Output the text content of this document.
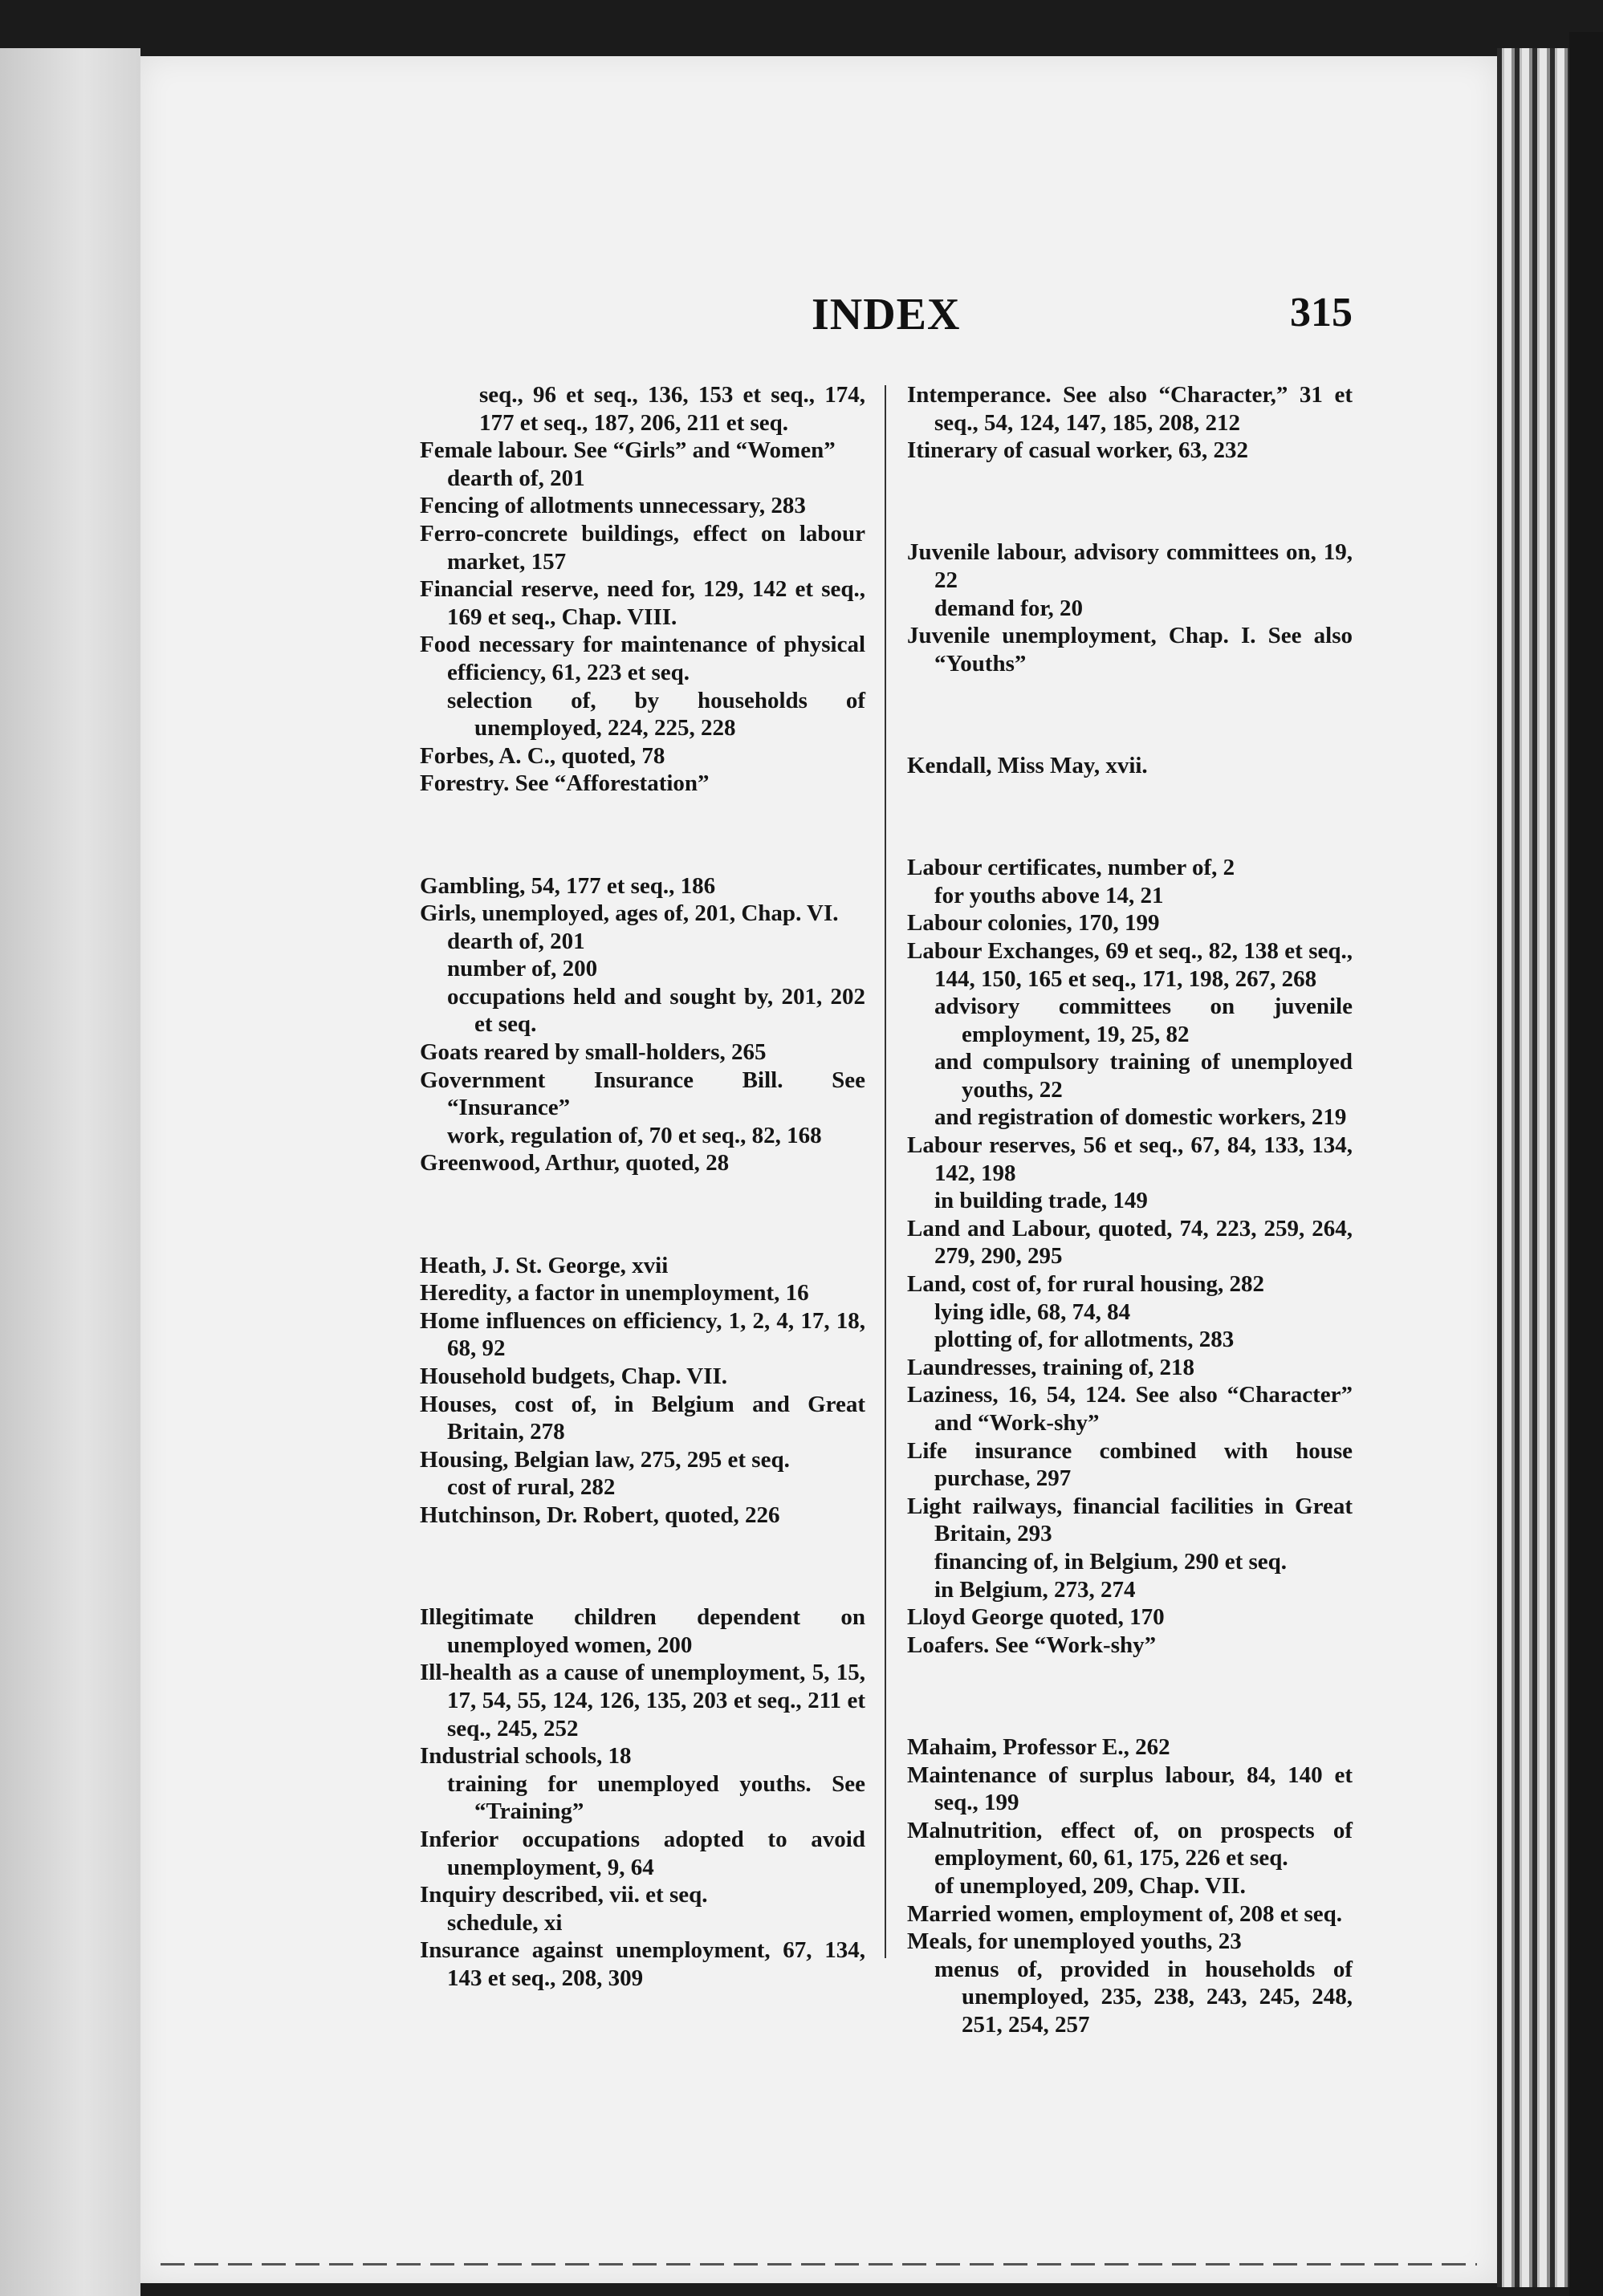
INDEX	315

seq., 96 et seq., 136, 153 et seq., 174, 177 et seq., 187, 206, 211 et seq.

Female labour. See “Girls” and “Women”

dearth of, 201

Fencing of allotments unnecessary, 283

Ferro-concrete buildings, effect on labour market, 157

Financial reserve, need for, 129, 142 et seq., 169 et seq., Chap. VIII.

Food necessary for maintenance of physical efficiency, 61, 223 et seq.

selection of, by households of unemployed, 224, 225, 228

Forbes, A. C., quoted, 78

Forestry. See “Afforestation”

Gambling, 54, 177 et seq., 186

Girls, unemployed, ages of, 201, Chap. VI.

dearth of, 201

number of, 200

occupations held and sought by, 201, 202 et seq.

Goats reared by small-holders, 265

Government Insurance Bill. See “Insurance”

work, regulation of, 70 et seq., 82, 168

Greenwood, Arthur, quoted, 28

Heath, J. St. George, xvii

Heredity, a factor in unemployment, 16

Home influences on efficiency, 1, 2, 4, 17, 18, 68, 92

Household budgets, Chap. VII.

Houses, cost of, in Belgium and Great Britain, 278

Housing, Belgian law, 275, 295 et seq.

cost of rural, 282

Hutchinson, Dr. Robert, quoted, 226

Illegitimate children dependent on unemployed women, 200

Ill-health as a cause of unemployment, 5, 15, 17, 54, 55, 124, 126, 135, 203 et seq., 211 et seq., 245, 252

Industrial schools, 18

training for unemployed youths. See “Training”

Inferior occupations adopted to avoid unemployment, 9, 64

Inquiry described, vii. et seq.

schedule, xi

Insurance against unemployment, 67, 134, 143 et seq., 208, 309

Intemperance. See also “Character,” 31 et seq., 54, 124, 147, 185, 208, 212

Itinerary of casual worker, 63, 232

Juvenile labour, advisory committees on, 19, 22

demand for, 20

Juvenile unemployment, Chap. I. See also “Youths”

Kendall, Miss May, xvii.

Labour certificates, number of, 2

for youths above 14, 21

Labour colonies, 170, 199

Labour Exchanges, 69 et seq., 82, 138 et seq., 144, 150, 165 et seq., 171, 198, 267, 268

advisory committees on juvenile employment, 19, 25, 82

and compulsory training of unemployed youths, 22

and registration of domestic workers, 219

Labour reserves, 56 et seq., 67, 84, 133, 134, 142, 198

in building trade, 149

Land and Labour, quoted, 74, 223, 259, 264, 279, 290, 295

Land, cost of, for rural housing, 282

lying idle, 68, 74, 84

plotting of, for allotments, 283

Laundresses, training of, 218

Laziness, 16, 54, 124. See also “Character” and “Work-shy”

Life insurance combined with house purchase, 297

Light railways, financial facilities in Great Britain, 293

financing of, in Belgium, 290 et seq.

in Belgium, 273, 274

Lloyd George quoted, 170

Loafers. See “Work-shy”

Mahaim, Professor E., 262

Maintenance of surplus labour, 84, 140 et seq., 199

Malnutrition, effect of, on prospects of employment, 60, 61, 175, 226 et seq.

of unemployed, 209, Chap. VII.

Married women, employment of, 208 et seq.

Meals, for unemployed youths, 23

menus of, provided in households of unemployed, 235, 238, 243, 245, 248, 251, 254, 257
